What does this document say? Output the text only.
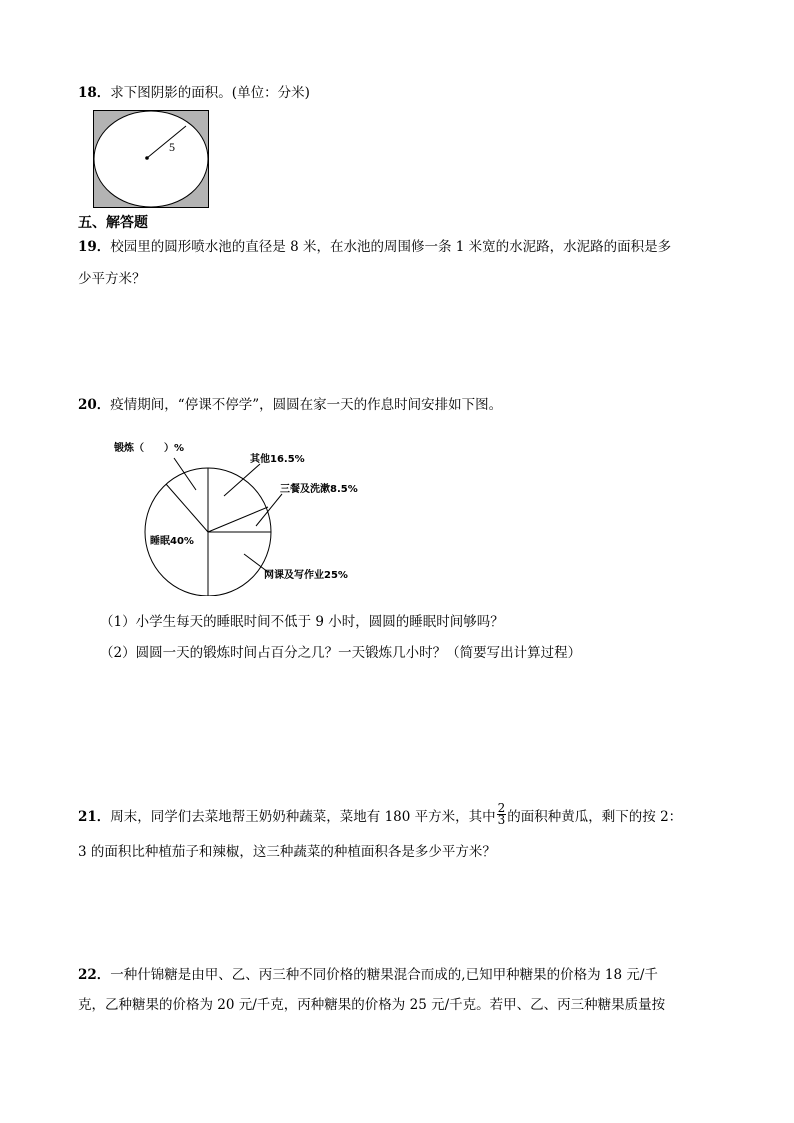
18．求下图阴影的面积。(单位：分米)
5
五、解答题
19．校园里的圆形喷水池的直径是 8 米，在水池的周围修一条 1 米宽的水泥路，水泥路的面积是多
少平方米？
20．疫情期间，“停课不停学”，圆圆在家一天的作息时间安排如下图。
锻炼（　　）%
其他16.5%
三餐及洗漱8.5%
睡眠40%
网课及写作业25%
（1）小学生每天的睡眠时间不低于 9 小时，圆圆的睡眠时间够吗？
（2）圆圆一天的锻炼时间占百分之几？一天锻炼几小时？（简要写出计算过程）
21．周末，同学们去菜地帮王奶奶种蔬菜，菜地有 180 平方米，其中 $\frac{2}{3}$ 的面积种黄瓜，剩下的按 2：
3 的面积比种植茄子和辣椒，这三种蔬菜的种植面积各是多少平方米？
22．一种什锦糖是由甲、乙、丙三种不同价格的糖果混合而成的,已知甲种糖果的价格为 18 元/千
克，乙种糖果的价格为 20 元/千克，丙种糖果的价格为 25 元/千克。若甲、乙、丙三种糖果质量按
